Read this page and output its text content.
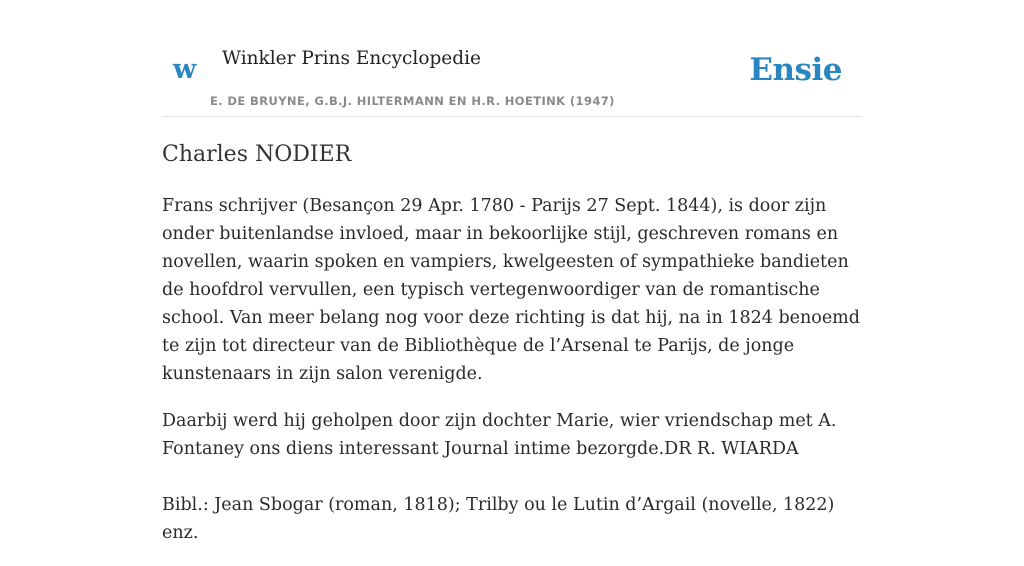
w Winkler Prins Encyclopedie
E. DE BRUYNE, G.B.J. HILTERMANN EN H.R. HOETINK (1947)
Ensie
Charles NODIER

Frans schrijver (Besançon 29 Apr. 1780 - Parijs 27 Sept. 1844), is door zijn onder buitenlandse invloed, maar in bekoorlijke stijl, geschreven romans en novellen, waarin spoken en vampiers, kwelgeesten of sympathieke bandieten de hoofdrol vervullen, een typisch vertegenwoordiger van de romantische school. Van meer belang nog voor deze richting is dat hij, na in 1824 benoemd te zijn tot directeur van de Bibliothèque de l’Arsenal te Parijs, de jonge kunstenaars in zijn salon verenigde.

Daarbij werd hij geholpen door zijn dochter Marie, wier vriendschap met A. Fontaney ons diens interessant Journal intime bezorgde.DR R. WIARDA

Bibl.: Jean Sbogar (roman, 1818); Trilby ou le Lutin d’Argail (novelle, 1822) enz.
